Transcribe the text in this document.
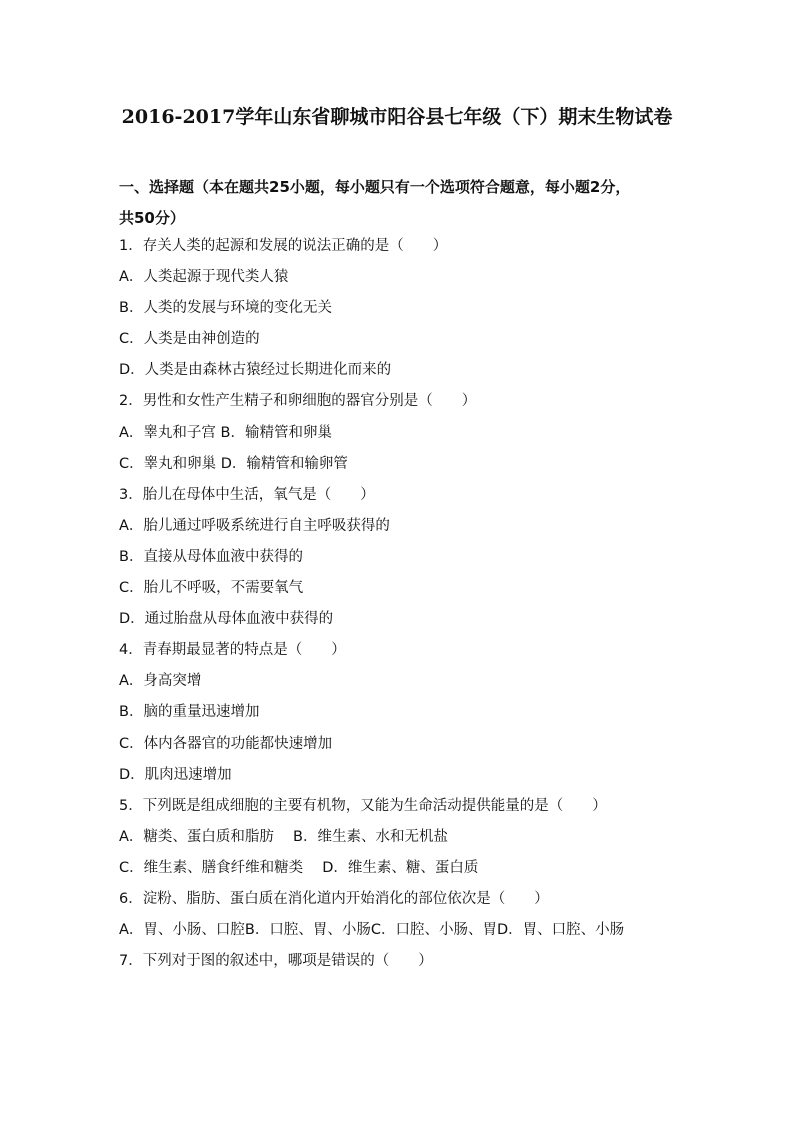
2016-2017学年山东省聊城市阳谷县七年级（下）期末生物试卷
一、选择题（本在题共25小题，每小题只有一个选项符合题意，每小题2分，
共50分）
1．存关人类的起源和发展的说法正确的是（　　）
A．人类起源于现代类人猿
B．人类的发展与环境的变化无关
C．人类是由神创造的
D．人类是由森林古猿经过长期进化而来的
2．男性和女性产生精子和卵细胞的器官分别是（　　）
A．睾丸和子宫 B．输精管和卵巢
C．睾丸和卵巢 D．输精管和输卵管
3．胎儿在母体中生活，氧气是（　　）
A．胎儿通过呼吸系统进行自主呼吸获得的
B．直接从母体血液中获得的
C．胎儿不呼吸，不需要氧气
D．通过胎盘从母体血液中获得的
4．青春期最显著的特点是（　　）
A．身高突增
B．脑的重量迅速增加
C．体内各器官的功能都快速增加
D．肌肉迅速增加
5．下列既是组成细胞的主要有机物，又能为生命活动提供能量的是（　　）
A．糖类、蛋白质和脂肪　 B．维生素、水和无机盐
C．维生素、膳食纤维和糖类　 D．维生素、糖、蛋白质
6．淀粉、脂肪、蛋白质在消化道内开始消化的部位依次是（　　）
A．胃、小肠、口腔B．口腔、胃、小肠C．口腔、小肠、胃D．胃、口腔、小肠
7．下列对于图的叙述中，哪项是错误的（　　）
